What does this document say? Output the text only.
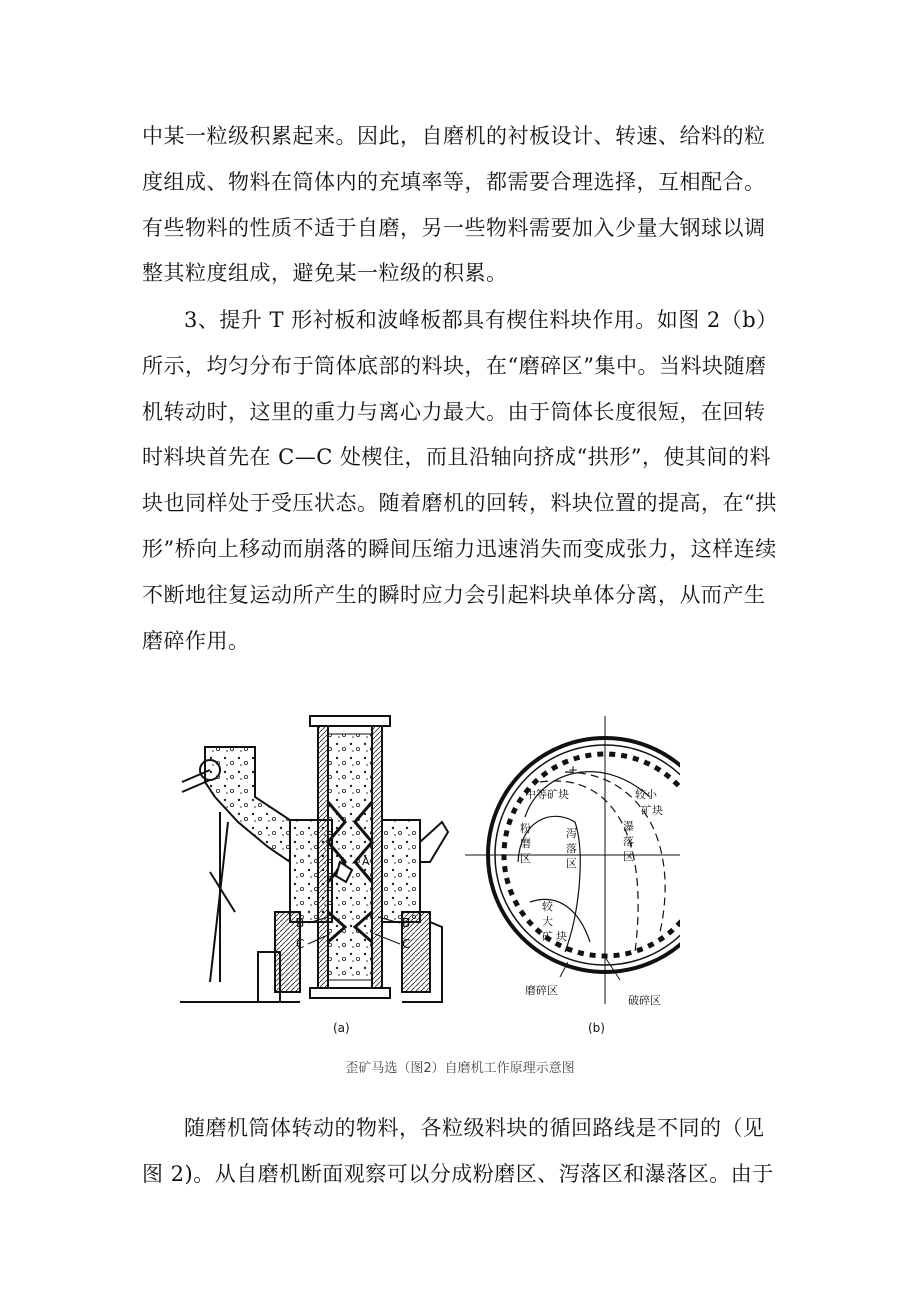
中某一粒级积累起来。因此，自磨机的衬板设计、转速、给料的粒度组成、物料在筒体内的充填率等，都需要合理选择，互相配合。有些物料的性质不适于自磨，另一些物料需要加入少量大钢球以调整其粒度组成，避免某一粒级的积累。

3、提升 T 形衬板和波峰板都具有楔住料块作用。如图 2（b）所示，均匀分布于筒体底部的料块，在“磨碎区”集中。当料块随磨机转动时，这里的重力与离心力最大。由于筒体长度很短，在回转时料块首先在 C—C 处楔住，而且沿轴向挤成“拱形”，使其间的料块也同样处于受压状态。随着磨机的回转，料块位置的提高，在“拱形”桥向上移动而崩落的瞬间压缩力迅速消失而变成张力，这样连续不断地往复运动所产生的瞬时应力会引起料块单体分离，从而产生磨碎作用。

A A
B
C
B
C
(a)
中等矿块	较小
矿块
粉
磨
区
泻
落
区
瀑
落
区
较
大
矿 块
+
磨碎区
破碎区
(b)
歪矿马选（图2）自磨机工作原理示意图

随磨机筒体转动的物料，各粒级料块的循回路线是不同的（见图 2)。从自磨机断面观察可以分成粉磨区、泻落区和瀑落区。由于
